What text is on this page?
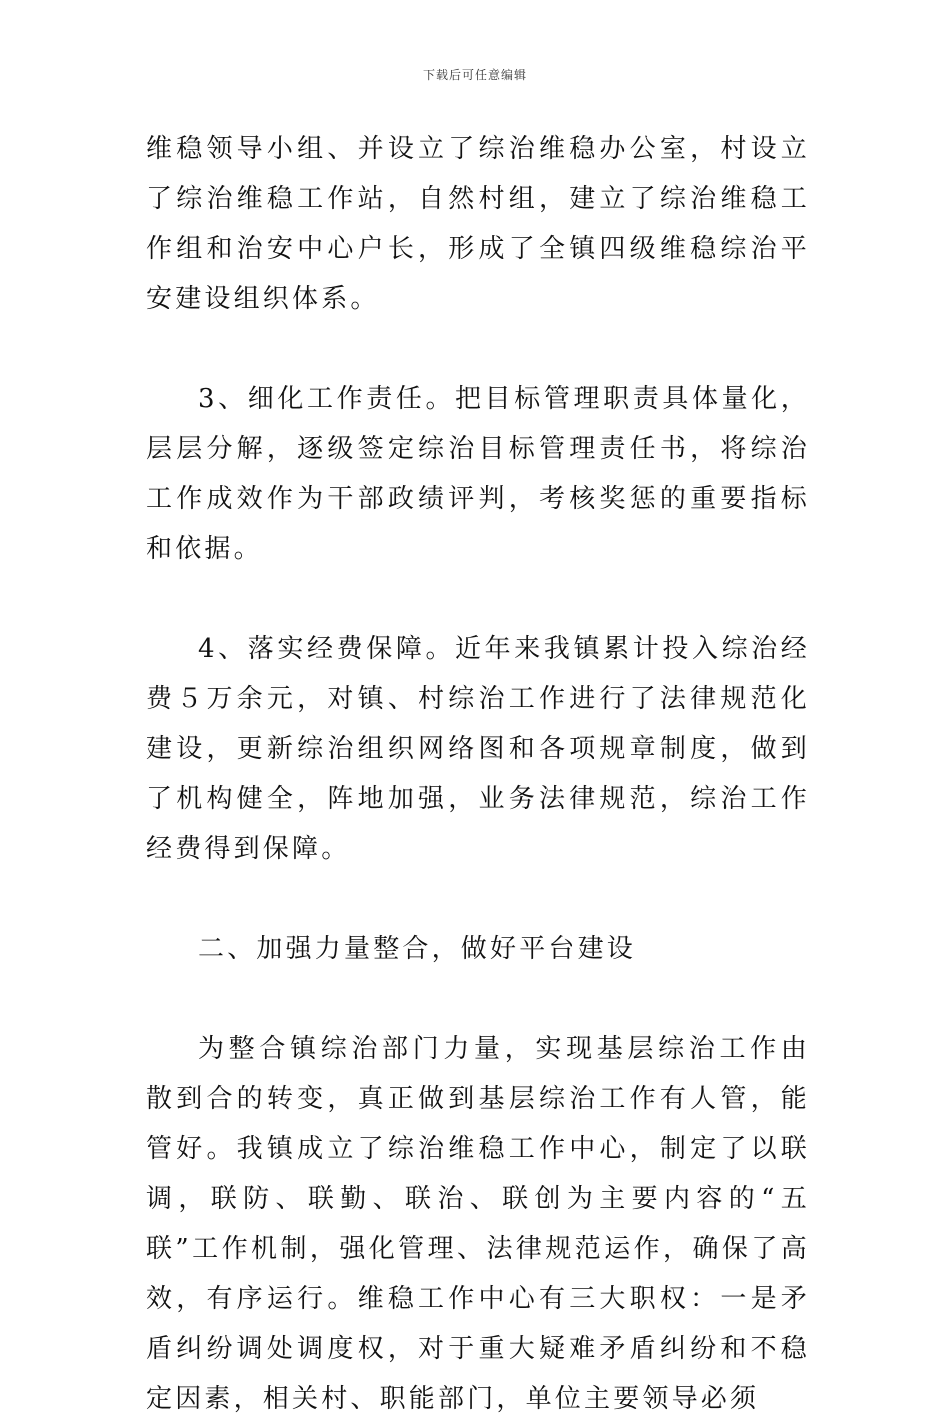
下载后可任意编辑

维稳领导小组、并设立了综治维稳办公室，村设立了综治维稳工作站，自然村组，建立了综治维稳工作组和治安中心户长，形成了全镇四级维稳综治平安建设组织体系。

3、细化工作责任。把目标管理职责具体量化，层层分解，逐级签定综治目标管理责任书，将综治工作成效作为干部政绩评判，考核奖惩的重要指标和依据。

4、落实经费保障。近年来我镇累计投入综治经费５万余元，对镇、村综治工作进行了法律规范化建设，更新综治组织网络图和各项规章制度，做到了机构健全，阵地加强，业务法律规范，综治工作经费得到保障。

二、加强力量整合，做好平台建设

为整合镇综治部门力量，实现基层综治工作由散到合的转变，真正做到基层综治工作有人管，能管好。我镇成立了综治维稳工作中心，制定了以联调，联防、联勤、联治、联创为主要内容的“五联”工作机制，强化管理、法律规范运作，确保了高效，有序运行。维稳工作中心有三大职权：一是矛盾纠纷调处调度权，对于重大疑难矛盾纠纷和不稳定因素，相关村、职能部门，单位主要领导必须
